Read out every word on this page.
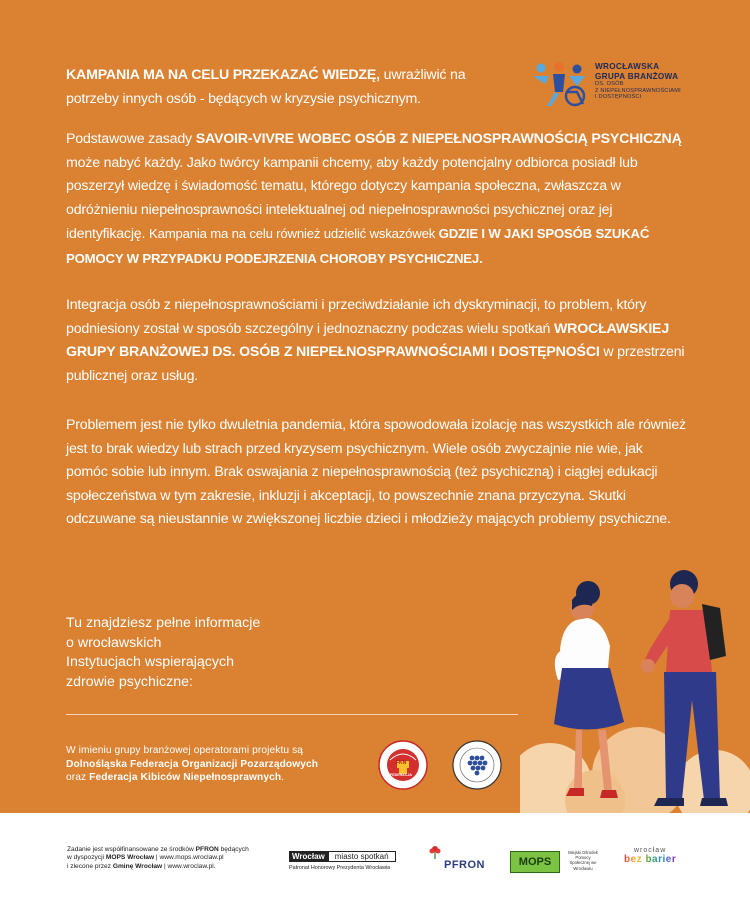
KAMPANIA MA NA CELU PRZEKAZAĆ WIEDZĘ, uwrażliwić na potrzeby innych osób - będących w kryzysie psychicznym.

WROCŁAWSKA
GRUPA BRANŻOWA
DS. OSÓB
Z NIEPEŁNOSPRAWNOŚCIAMI
I DOSTĘPNOŚCI

Podstawowe zasady SAVOIR-VIVRE WOBEC OSÓB Z NIEPEŁNOSPRAWNOŚCIĄ PSYCHICZNĄ może nabyć każdy. Jako twórcy kampanii chcemy, aby każdy potencjalny odbiorca posiadł lub poszerzył wiedzę i świadomość tematu, którego dotyczy kampania społeczna, zwłaszcza w odróżnieniu niepełnosprawności intelektualnej od niepełnosprawności psychicznej oraz jej identyfikację. Kampania ma na celu również udzielić wskazówek GDZIE I W JAKI SPOSÓB SZUKAĆ POMOCY W PRZYPADKU PODEJRZENIA CHOROBY PSYCHICZNEJ.

Integracja osób z niepełnosprawnościami i przeciwdziałanie ich dyskryminacji, to problem, który podniesiony został w sposób szczególny i jednoznaczny podczas wielu spotkań WROCŁAWSKIEJ GRUPY BRANŻOWEJ DS. OSÓB Z NIEPEŁNOSPRAWNOŚCIAMI I DOSTĘPNOŚCI w przestrzeni publicznej oraz usług.

Problemem jest nie tylko dwuletnia pandemia, która spowodowała izolację nas wszystkich ale również jest to brak wiedzy lub strach przed kryzysem psychicznym. Wiele osób zwyczajnie nie wie, jak pomóc sobie lub innym. Brak oswajania z niepełnosprawnością (też psychiczną) i ciągłej edukacji społeczeństwa w tym zakresie, inkluzji i akceptacji, to powszechnie znana przyczyna. Skutki odczuwane są nieustannie w zwiększonej liczbie dzieci i młodzieży mających problemy psychiczne.

Tu znajdziesz pełne informacje
o wrocławskich
Instytucjach wspierających
zdrowie psychiczne:
W imieniu grupy branżowej operatorami projektu są
Dolnośląska Federacja Organizacji Pozarządowych
oraz Federacja Kibiców Niepełnosprawnych.
FKN
FEDERACJA
Zadanie jest współfinansowane ze środków PFRON będących
w dyspozycji MOPS Wrocław | www.mops.wroclaw.pl
i zlecone przez Gminę Wrocław | www.wroclaw.pl.
Wrocław	miasto spotkań
Patronat Honorowy Prezydenta Wrocławia	PFRON	MOPS
Miejski Ośrodek Pomocy Społecznej we Wrocławiu
wrocław
bez barier
